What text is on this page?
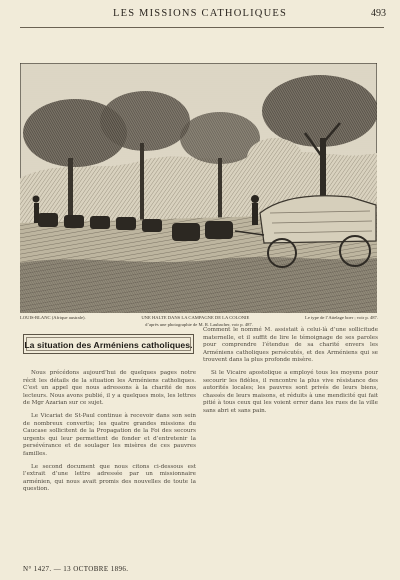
LES MISSIONS CATHOLIQUES	493
LOUIS-BLANC (Afrique australe).	UNE HALTE DANS LA CAMPAGNE DE LA COLONIE	Le type de l’Attelage boer ; voir p. 487.
d’après une photographie de M. R. Laubacher, voir p. 487.
La situation des Arméniens catholiques.

Nous précédons aujourd’hui de quelques pages notre récit les détails de la situation les Arméniens catholiques. C’est un appel que nous adressons à la charité de nos lecteurs. Nous avons publié, il y a quelques mois, les lettres de Mgr Azarian sur ce sujet.

Le Vicariat de St-Paul continue à recevoir dans son sein de nombreux convertis; les quatre grandes missions du Caucase sollicitent de la Propagation de la Foi des secours urgents qui leur permettent de fonder et d’entretenir la persévérance et de soulager les misères de ces pauvres familles.

Le second document que nous citons ci-dessous est l’extrait d’une lettre adressée par un missionnaire arménien, qui nous avait promis des nouvelles de toute la question.

Comment le nommé M. assistait à celui-là d’une sollicitude maternelle, et il suffit de lire le témoignage de ses paroles pour comprendre l’étendue de sa charité envers les Arméniens catholiques persécutés, et des Arméniens qui se trouvent dans la plus profonde misère.

Si le Vicaire apostolique a employé tous les moyens pour secourir les fidèles, il rencontre la plus vive résistance des autorités locales; les pauvres sont privés de leurs biens, chassés de leurs maisons, et réduits à une mendicité qui fait pitié à tous ceux qui les voient errer dans les rues de la ville sans abri et sans pain.

N° 1427. — 13 OCTOBRE 1896.
